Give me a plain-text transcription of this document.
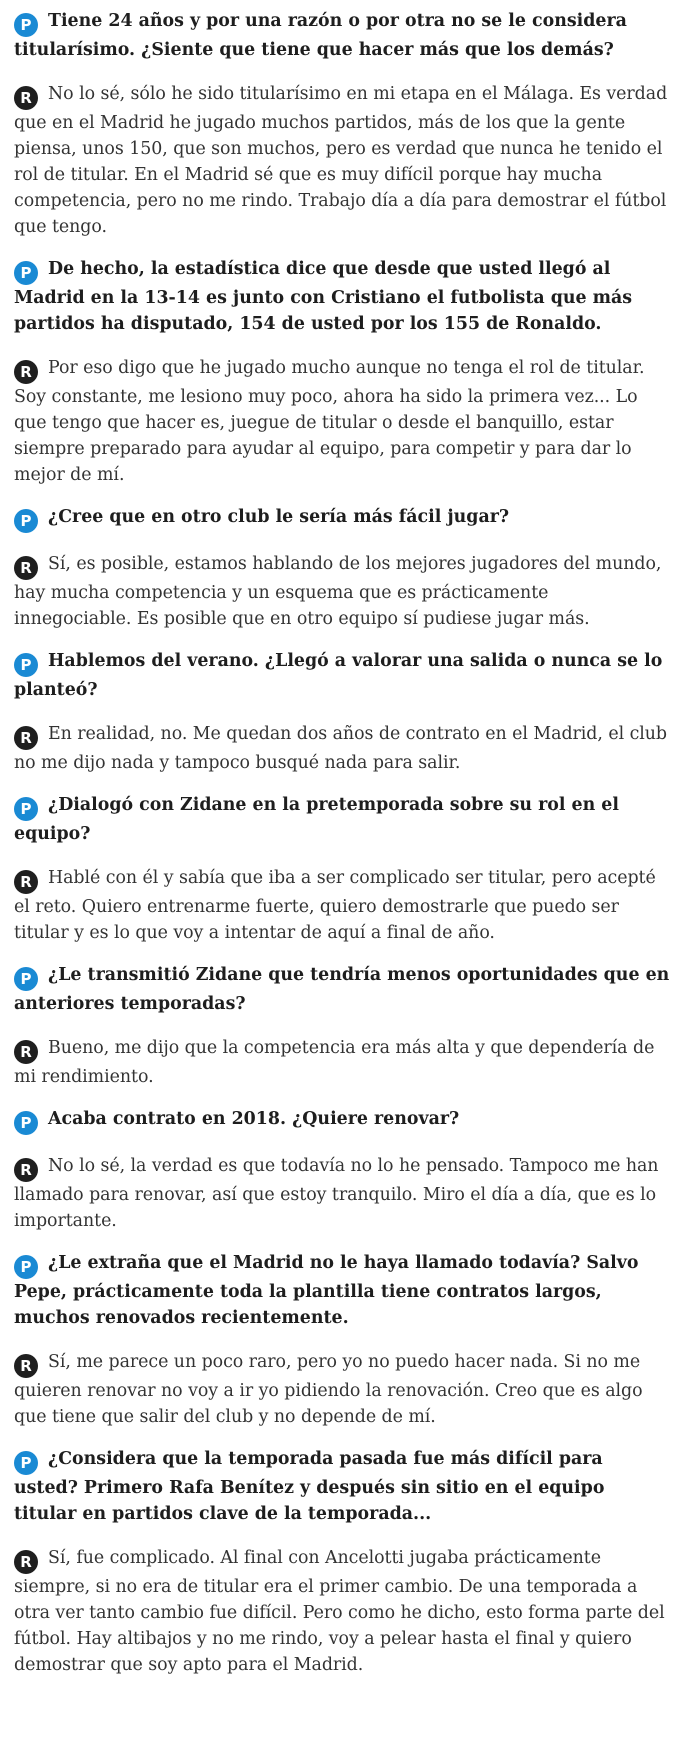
P Tiene 24 años y por una razón o por otra no se le considera titularísimo. ¿Siente que tiene que hacer más que los demás?

R No lo sé, sólo he sido titularísimo en mi etapa en el Málaga. Es verdad que en el Madrid he jugado muchos partidos, más de los que la gente piensa, unos 150, que son muchos, pero es verdad que nunca he tenido el rol de titular. En el Madrid sé que es muy difícil porque hay mucha competencia, pero no me rindo. Trabajo día a día para demostrar el fútbol que tengo.

P De hecho, la estadística dice que desde que usted llegó al Madrid en la 13-14 es junto con Cristiano el futbolista que más partidos ha disputado, 154 de usted por los 155 de Ronaldo.

R Por eso digo que he jugado mucho aunque no tenga el rol de titular. Soy constante, me lesiono muy poco, ahora ha sido la primera vez... Lo que tengo que hacer es, juegue de titular o desde el banquillo, estar siempre preparado para ayudar al equipo, para competir y para dar lo mejor de mí.

P ¿Cree que en otro club le sería más fácil jugar?

R Sí, es posible, estamos hablando de los mejores jugadores del mundo, hay mucha competencia y un esquema que es prácticamente innegociable. Es posible que en otro equipo sí pudiese jugar más.

P Hablemos del verano. ¿Llegó a valorar una salida o nunca se lo planteó?

R En realidad, no. Me quedan dos años de contrato en el Madrid, el club no me dijo nada y tampoco busqué nada para salir.

P ¿Dialogó con Zidane en la pretemporada sobre su rol en el equipo?

R Hablé con él y sabía que iba a ser complicado ser titular, pero acepté el reto. Quiero entrenarme fuerte, quiero demostrarle que puedo ser titular y es lo que voy a intentar de aquí a final de año.

P ¿Le transmitió Zidane que tendría menos oportunidades que en anteriores temporadas?

R Bueno, me dijo que la competencia era más alta y que dependería de mi rendimiento.

P Acaba contrato en 2018. ¿Quiere renovar?

R No lo sé, la verdad es que todavía no lo he pensado. Tampoco me han llamado para renovar, así que estoy tranquilo. Miro el día a día, que es lo importante.

P ¿Le extraña que el Madrid no le haya llamado todavía? Salvo Pepe, prácticamente toda la plantilla tiene contratos largos, muchos renovados recientemente.

R Sí, me parece un poco raro, pero yo no puedo hacer nada. Si no me quieren renovar no voy a ir yo pidiendo la renovación. Creo que es algo que tiene que salir del club y no depende de mí.

P ¿Considera que la temporada pasada fue más difícil para usted? Primero Rafa Benítez y después sin sitio en el equipo titular en partidos clave de la temporada...

R Sí, fue complicado. Al final con Ancelotti jugaba prácticamente siempre, si no era de titular era el primer cambio. De una temporada a otra ver tanto cambio fue difícil. Pero como he dicho, esto forma parte del fútbol. Hay altibajos y no me rindo, voy a pelear hasta el final y quiero demostrar que soy apto para el Madrid.
